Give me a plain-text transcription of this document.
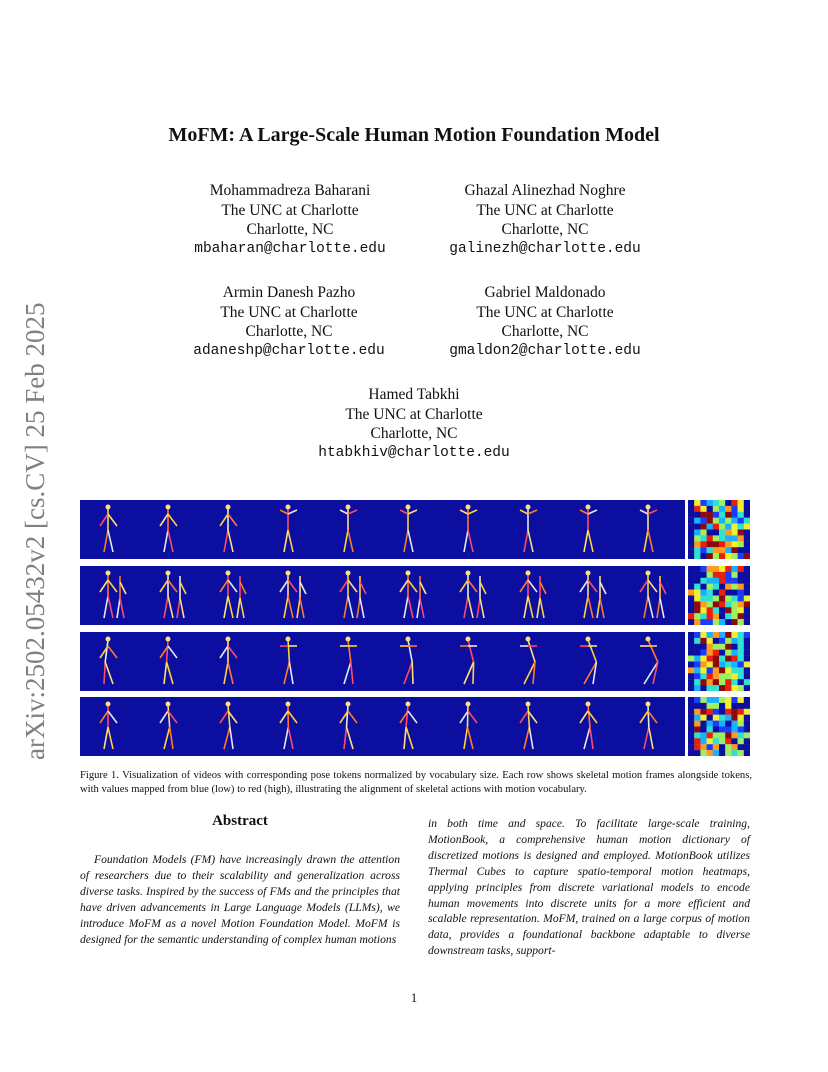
arXiv:2502.05432v2 [cs.CV] 25 Feb 2025
MoFM: A Large-Scale Human Motion Foundation Model
Mohammadreza Baharani
The UNC at Charlotte
Charlotte, NC
mbaharan@charlotte.edu
Ghazal Alinezhad Noghre
The UNC at Charlotte
Charlotte, NC
galinezh@charlotte.edu
Armin Danesh Pazho
The UNC at Charlotte
Charlotte, NC
adaneshp@charlotte.edu
Gabriel Maldonado
The UNC at Charlotte
Charlotte, NC
gmaldon2@charlotte.edu
Hamed Tabkhi
The UNC at Charlotte
Charlotte, NC
htabkhiv@charlotte.edu
Figure 1. Visualization of videos with corresponding pose tokens normalized by vocabulary size. Each row shows skeletal motion frames alongside tokens, with values mapped from blue (low) to red (high), illustrating the alignment of skeletal actions with motion vocabulary.
Abstract
Foundation Models (FM) have increasingly drawn the attention of researchers due to their scalability and generalization across diverse tasks. Inspired by the success of FMs and the principles that have driven advancements in Large Language Models (LLMs), we introduce MoFM as a novel Motion Foundation Model. MoFM is designed for the semantic understanding of complex human motions
in both time and space. To facilitate large-scale training, MotionBook, a comprehensive human motion dictionary of discretized motions is designed and employed. MotionBook utilizes Thermal Cubes to capture spatio-temporal motion heatmaps, applying principles from discrete variational models to encode human movements into discrete units for a more efficient and scalable representation. MoFM, trained on a large corpus of motion data, provides a foundational backbone adaptable to diverse downstream tasks, support-
1
